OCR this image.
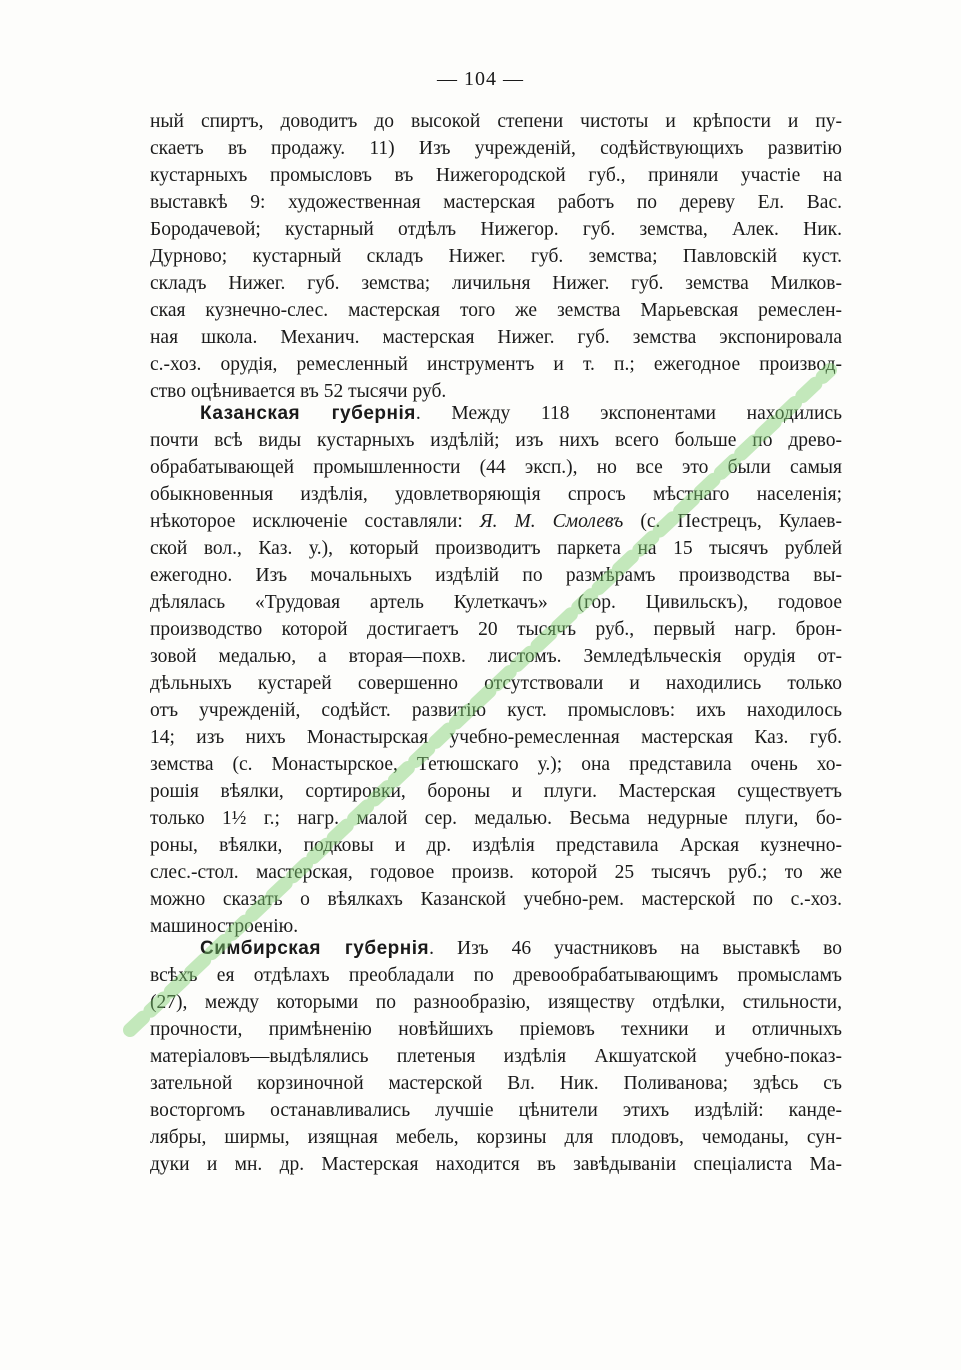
— 104 —
ный спиртъ, доводитъ до высокой степени чистоты и крѣпости и пу-
скаетъ въ продажу. 11) Изъ учрежденій, содѣйствующихъ развитію
кустарныхъ промысловъ въ Нижегородской губ., приняли участіе на
выставкѣ 9: художественная мастерская работъ по дереву Ел. Вас.
Бородачевой; кустарный отдѣлъ Нижегор. губ. земства, Алек. Ник.
Дурново; кустарный складъ Нижег. губ. земства; Павловскій куст.
складъ Нижег. губ. земства; личильня Нижег. губ. земства Милков-
ская кузнечно-слес. мастерская того же земства Марьевская ремеслен-
ная школа. Механич. мастерская Нижег. губ. земства экспонировала
с.-хоз. орудія, ремесленный инструментъ и т. п.; ежегодное производ-
ство оцѣнивается въ 52 тысячи руб.
Казанская губернія. Между 118 экспонентами находились
почти всѣ виды кустарныхъ издѣлій; изъ нихъ всего больше по древо-
обрабатывающей промышленности (44 эксп.), но все это были самыя
обыкновенныя издѣлія, удовлетворяющія спросъ мѣстнаго населенія;
нѣкоторое исключеніе составляли: Я. М. Смолевъ (с. Пестрецъ, Кулаев-
ской вол., Каз. у.), который производитъ паркета на 15 тысячъ рублей
ежегодно. Изъ мочальныхъ издѣлій по размѣрамъ производства вы-
дѣлялась «Трудовая артель Кулеткачъ» (гор. Цивильскъ), годовое
производство которой достигаетъ 20 тысячъ руб., первый нагр. брон-
зовой медалью, а вторая—похв. листомъ. Земледѣльческія орудія от-
дѣльныхъ кустарей совершенно отсутствовали и находились только
отъ учрежденій, содѣйст. развитію куст. промысловъ: ихъ находилось
14; изъ нихъ Монастырская учебно-ремесленная мастерская Каз. губ.
земства (с. Монастырское, Тетюшскаго у.); она представила очень хо-
рошія вѣялки, сортировки, бороны и плуги. Мастерская существуетъ
только 1½ г.; нагр. малой сер. медалью. Весьма недурные плуги, бо-
роны, вѣялки, подковы и др. издѣлія представила Арская кузнечно-
слес.-стол. мастерская, годовое произв. которой 25 тысячъ руб.; то же
можно сказать о вѣялкахъ Казанской учебно-рем. мастерской по с.-хоз.
машиностроенію.
Симбирская губернія. Изъ 46 участниковъ на выставкѣ во
всѣхъ ея отдѣлахъ преобладали по древообрабатывающимъ промысламъ
(27), между которыми по разнообразію, изяществу отдѣлки, стильности,
прочности, примѣненію новѣйшихъ пріемовъ техники и отличныхъ
матеріаловъ—выдѣлялись плетеныя издѣлія Акшуатской учебно-показ-
зательной корзиночной мастерской Вл. Ник. Поливанова; здѣсь съ
восторгомъ останавливались лучшіе цѣнители этихъ издѣлій: канде-
лябры, ширмы, изящная мебель, корзины для плодовъ, чемоданы, сун-
дуки и мн. др. Мастерская находится въ завѣдываніи спеціалиста Ма-
